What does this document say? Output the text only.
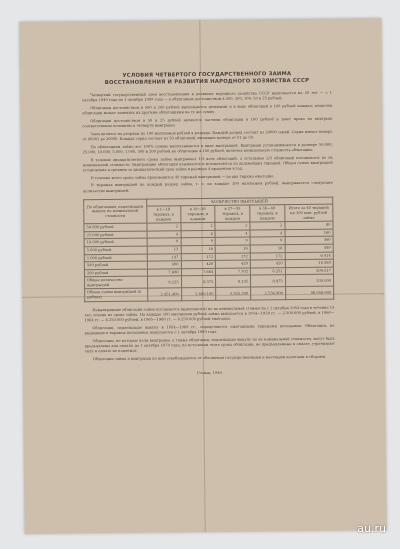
УСЛОВИЯ ЧЕТВЕРТОГО ГОСУДАРСТВЕННОГО ЗАЙМА
ВОССТАНОВЛЕНИЯ И РАЗВИТИЯ НАРОДНОГО ХОЗЯЙСТВА СССР

Четвертый государственный заем восстановления и развития народного хозяйства СССР выпускается на 20 лет — с 1 октября 1949 года по 1 октября 1969 года — в облигациях достоинством в 500, 200, 100, 50 и 25 рублей.

Облигации достоинством в 500 и 200 рублей выпускаются цельными и в виде облигаций в 100 рублей каждая; владелец облигации может заменить их другими облигациями на ту же сумму.

Облигации достоинством в 50 и 25 рублей являются частями облигации в 100 рублей и дают право на выигрыш соответственно половины и четверти выигрыша.

Заем делится на разряды по 100 миллионов рублей в разряде. Каждый разряд состоит из 20000 серий. Серии имеют номера от 00001 до 20000. Каждая серия состоит из 50 облигаций, имеющих номера от 01 до 50.

По облигациям займа все 100% суммы выплачиваются в виде выигрышей. Выигрыши устанавливаются в размере 50.000, 25.000, 10.000, 5.000, 1.000, 500 и 200 рублей на облигацию в 100 рублей, включая номинальную стоимость облигации.

В течение двадцатилетнего срока займа выигрывает 1/3 всех облигаций, а остальные 2/3 облигаций погашаются по их номинальной стоимости. Выигравшие облигации изымаются и исключаются из дальнейших тиражей. Общая сумма выигрышей установлена в среднем за двадцатилетний срок займа в размере 4 процентов в год.

В течение всего срока займа производится 40 тиражей выигрышей — по два тиража ежегодно.

В тиражах выигрышей на каждый разряд займа, т. е. на каждые 100 миллионов рублей, выигрывается следующее количество выигрышей:

По облигациям, подлежащим выкупу по номинальной стоимости	КОЛИЧЕСТВО ВЫИГРЫШЕЙ				
	в 1—18 тиражах, в каждом	в 19—26 тиражах, в каждом	в 27—35 тиражах, в каждом	в 36—40 тиражах, в каждом	Итого за 40 тиражей на 100 млн. рублей займа
50.000 рублей	2	2	2	2	80
25.000 рублей	4	4	4	4	160
10.000 рублей	9	9	9	9	360
5.000 рублей	13	16	16	16	589
1.000 рублей	147	172	172	172	6.414
500 рублей	400	420	420	420	16.380
200 рублей	7.600	7.664	7.702	8.251	309.017
Общее количество выигрышей	8.225	8.375	8.135	8.875	330.000
Общая сумма выигрышей (в рублях)	2.451.400	2.480.100	2.525.200	2.534.900	98.958.900

Невыигравшие облигации займа погашаются (выкупаются) по их номинальной стоимости с 1 октября 1954 года в течение 15 лет, исходя из срока займа. На каждые 100 миллионов рублей займа выкупается в 1954—1959 гг. — 2.500.000 рублей, в 1960—1964 гг. — 4.250.000 рублей, в 1965—1969 гг. — 6.250.000 рублей ежегодно.

Облигации, подлежащие выкупу в 1954—1969 гг., определяются ежегодными тиражами погашения. Облигации, не вышедшие в тиражах погашения, выкупаются с 1 октября 1969 года.

Облигации, не которые пали выигрыши, а также облигации, подлежащие выкупу по их номинальной стоимости, могут быть предъявлены для оплаты до 1 октября 1970 года; по истечении этого срока облигации, не предъявленные к оплате, утрачивают силу и оплате не подлежат.

Облигации займа и выигрыши по ним освобождаются от обложения государственными и местными налогами и сборами.

Гознак, 1949.
au.ru
